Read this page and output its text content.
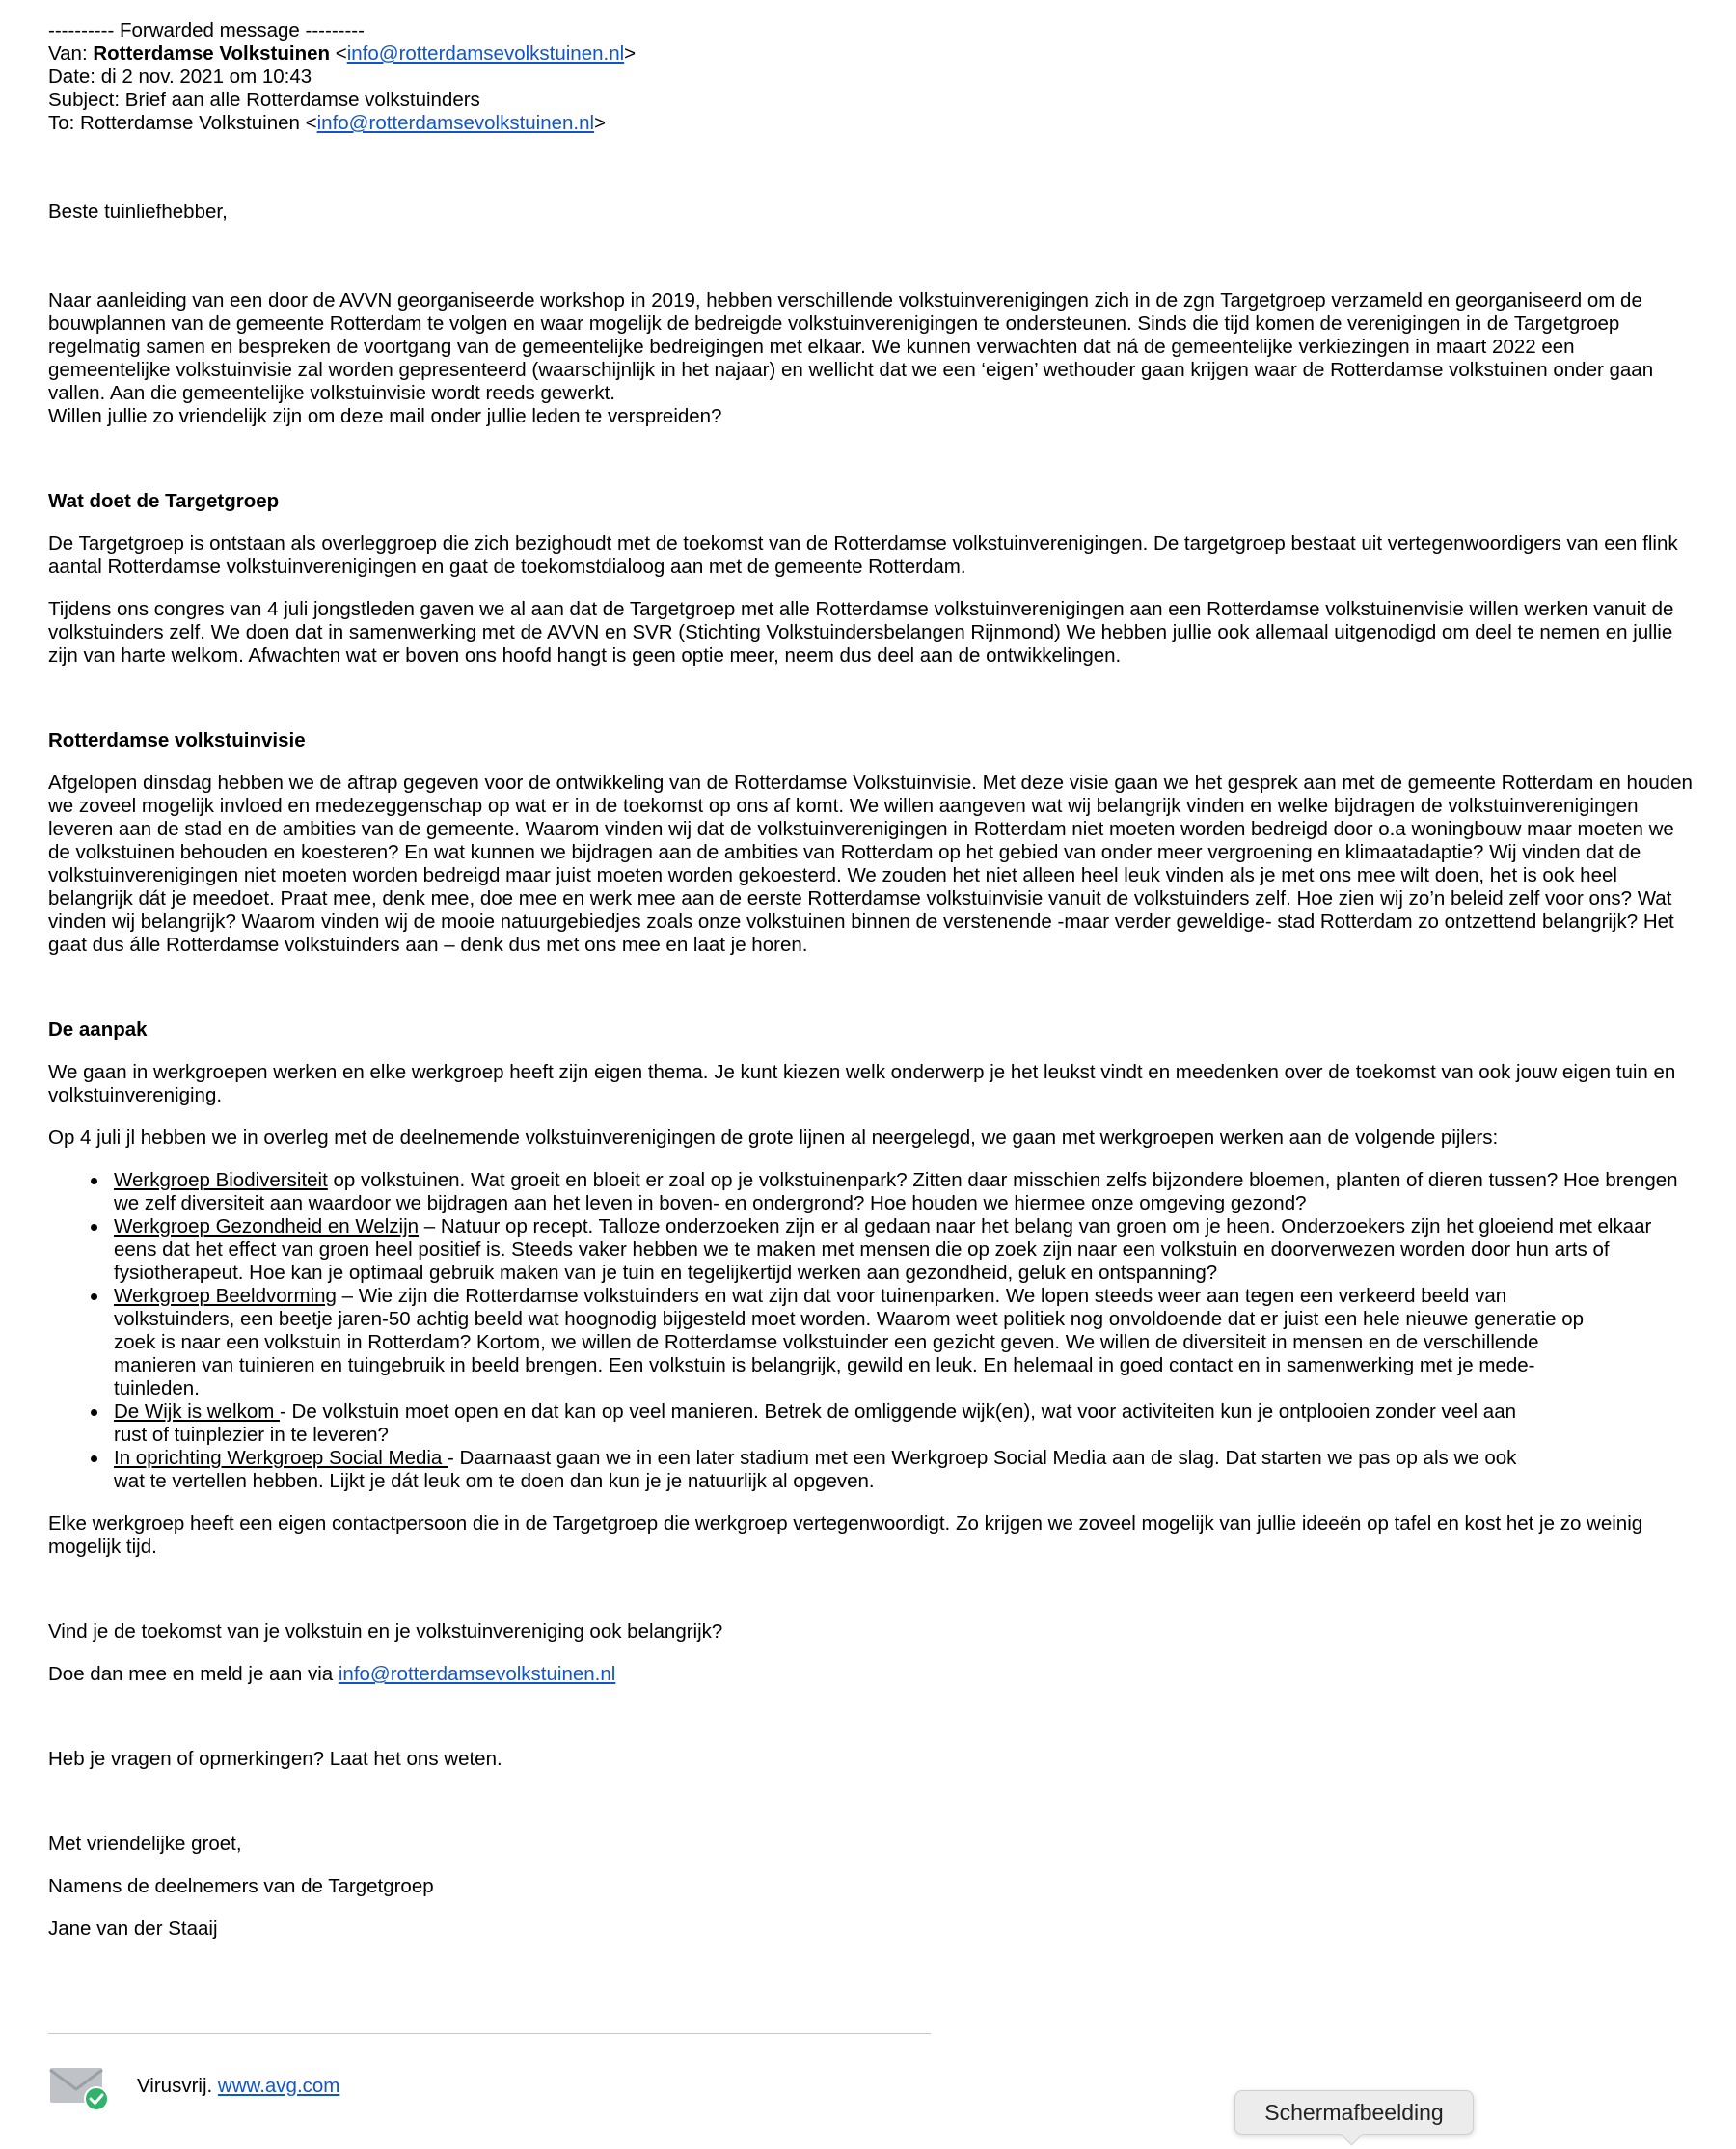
---------- Forwarded message ---------
Van: Rotterdamse Volkstuinen <info@rotterdamsevolkstuinen.nl>
Date: di 2 nov. 2021 om 10:43
Subject: Brief aan alle Rotterdamse volkstuinders
To: Rotterdamse Volkstuinen <info@rotterdamsevolkstuinen.nl>

Beste tuinliefhebber,

Naar aanleiding van een door de AVVN georganiseerde workshop in 2019, hebben verschillende volkstuinverenigingen zich in de zgn Targetgroep verzameld en georganiseerd om de
bouwplannen van de gemeente Rotterdam te volgen en waar mogelijk de bedreigde volkstuinverenigingen te ondersteunen. Sinds die tijd komen de verenigingen in de Targetgroep
regelmatig samen en bespreken de voortgang van de gemeentelijke bedreigingen met elkaar. We kunnen verwachten dat ná de gemeentelijke verkiezingen in maart 2022 een
gemeentelijke volkstuinvisie zal worden gepresenteerd (waarschijnlijk in het najaar) en wellicht dat we een ‘eigen’ wethouder gaan krijgen waar de Rotterdamse volkstuinen onder gaan
vallen. Aan die gemeentelijke volkstuinvisie wordt reeds gewerkt.
Willen jullie zo vriendelijk zijn om deze mail onder jullie leden te verspreiden?

Wat doet de Targetgroep

De Targetgroep is ontstaan als overleggroep die zich bezighoudt met de toekomst van de Rotterdamse volkstuinverenigingen. De targetgroep bestaat uit vertegenwoordigers van een flink
aantal Rotterdamse volkstuinverenigingen en gaat de toekomstdialoog aan met de gemeente Rotterdam.
Tijdens ons congres van 4 juli jongstleden gaven we al aan dat de Targetgroep met alle Rotterdamse volkstuinverenigingen aan een Rotterdamse volkstuinenvisie willen werken vanuit de
volkstuinders zelf. We doen dat in samenwerking met de AVVN en SVR (Stichting Volkstuindersbelangen Rijnmond) We hebben jullie ook allemaal uitgenodigd om deel te nemen en jullie
zijn van harte welkom. Afwachten wat er boven ons hoofd hangt is geen optie meer, neem dus deel aan de ontwikkelingen.

Rotterdamse volkstuinvisie

Afgelopen dinsdag hebben we de aftrap gegeven voor de ontwikkeling van de Rotterdamse Volkstuinvisie. Met deze visie gaan we het gesprek aan met de gemeente Rotterdam en houden
we zoveel mogelijk invloed en medezeggenschap op wat er in de toekomst op ons af komt. We willen aangeven wat wij belangrijk vinden en welke bijdragen de volkstuinverenigingen
leveren aan de stad en de ambities van de gemeente. Waarom vinden wij dat de volkstuinverenigingen in Rotterdam niet moeten worden bedreigd door o.a woningbouw maar moeten we
de volkstuinen behouden en koesteren? En wat kunnen we bijdragen aan de ambities van Rotterdam op het gebied van onder meer vergroening en klimaatadaptie? Wij vinden dat de
volkstuinverenigingen niet moeten worden bedreigd maar juist moeten worden gekoesterd. We zouden het niet alleen heel leuk vinden als je met ons mee wilt doen, het is ook heel
belangrijk dát je meedoet. Praat mee, denk mee, doe mee en werk mee aan de eerste Rotterdamse volkstuinvisie vanuit de volkstuinders zelf. Hoe zien wij zo’n beleid zelf voor ons? Wat
vinden wij belangrijk? Waarom vinden wij de mooie natuurgebiedjes zoals onze volkstuinen binnen de verstenende -maar verder geweldige- stad Rotterdam zo ontzettend belangrijk? Het
gaat dus álle Rotterdamse volkstuinders aan – denk dus met ons mee en laat je horen.

De aanpak

We gaan in werkgroepen werken en elke werkgroep heeft zijn eigen thema. Je kunt kiezen welk onderwerp je het leukst vindt en meedenken over de toekomst van ook jouw eigen tuin en
volkstuinvereniging.

Op 4 juli jl hebben we in overleg met de deelnemende volkstuinverenigingen de grote lijnen al neergelegd, we gaan met werkgroepen werken aan de volgende pijlers:

Werkgroep Biodiversiteit op volkstuinen. Wat groeit en bloeit er zoal op je volkstuinenpark? Zitten daar misschien zelfs bijzondere bloemen, planten of dieren tussen? Hoe brengen
we zelf diversiteit aan waardoor we bijdragen aan het leven in boven- en ondergrond? Hoe houden we hiermee onze omgeving gezond?
Werkgroep Gezondheid en Welzijn – Natuur op recept. Talloze onderzoeken zijn er al gedaan naar het belang van groen om je heen. Onderzoekers zijn het gloeiend met elkaar
eens dat het effect van groen heel positief is. Steeds vaker hebben we te maken met mensen die op zoek zijn naar een volkstuin en doorverwezen worden door hun arts of
fysiotherapeut. Hoe kan je optimaal gebruik maken van je tuin en tegelijkertijd werken aan gezondheid, geluk en ontspanning?
Werkgroep Beeldvorming – Wie zijn die Rotterdamse volkstuinders en wat zijn dat voor tuinenparken. We lopen steeds weer aan tegen een verkeerd beeld van
volkstuinders, een beetje jaren-50 achtig beeld wat hoognodig bijgesteld moet worden. Waarom weet politiek nog onvoldoende dat er juist een hele nieuwe generatie op
zoek is naar een volkstuin in Rotterdam? Kortom, we willen de Rotterdamse volkstuinder een gezicht geven. We willen de diversiteit in mensen en de verschillende
manieren van tuinieren en tuingebruik in beeld brengen. Een volkstuin is belangrijk, gewild en leuk. En helemaal in goed contact en in samenwerking met je mede-
tuinleden.
De Wijk is welkom - De volkstuin moet open en dat kan op veel manieren. Betrek de omliggende wijk(en), wat voor activiteiten kun je ontplooien zonder veel aan
rust of tuinplezier in te leveren?
In oprichting Werkgroep Social Media - Daarnaast gaan we in een later stadium met een Werkgroep Social Media aan de slag. Dat starten we pas op als we ook
wat te vertellen hebben. Lijkt je dát leuk om te doen dan kun je je natuurlijk al opgeven.
Elke werkgroep heeft een eigen contactpersoon die in de Targetgroep die werkgroep vertegenwoordigt. Zo krijgen we zoveel mogelijk van jullie ideeën op tafel en kost het je zo weinig
mogelijk tijd.

Vind je de toekomst van je volkstuin en je volkstuinvereniging ook belangrijk?

Doe dan mee en meld je aan via info@rotterdamsevolkstuinen.nl

Heb je vragen of opmerkingen? Laat het ons weten.

Met vriendelijke groet,

Namens de deelnemers van de Targetgroep

Jane van der Staaij

Virusvrij.
www.avg.com
Schermafbeelding
